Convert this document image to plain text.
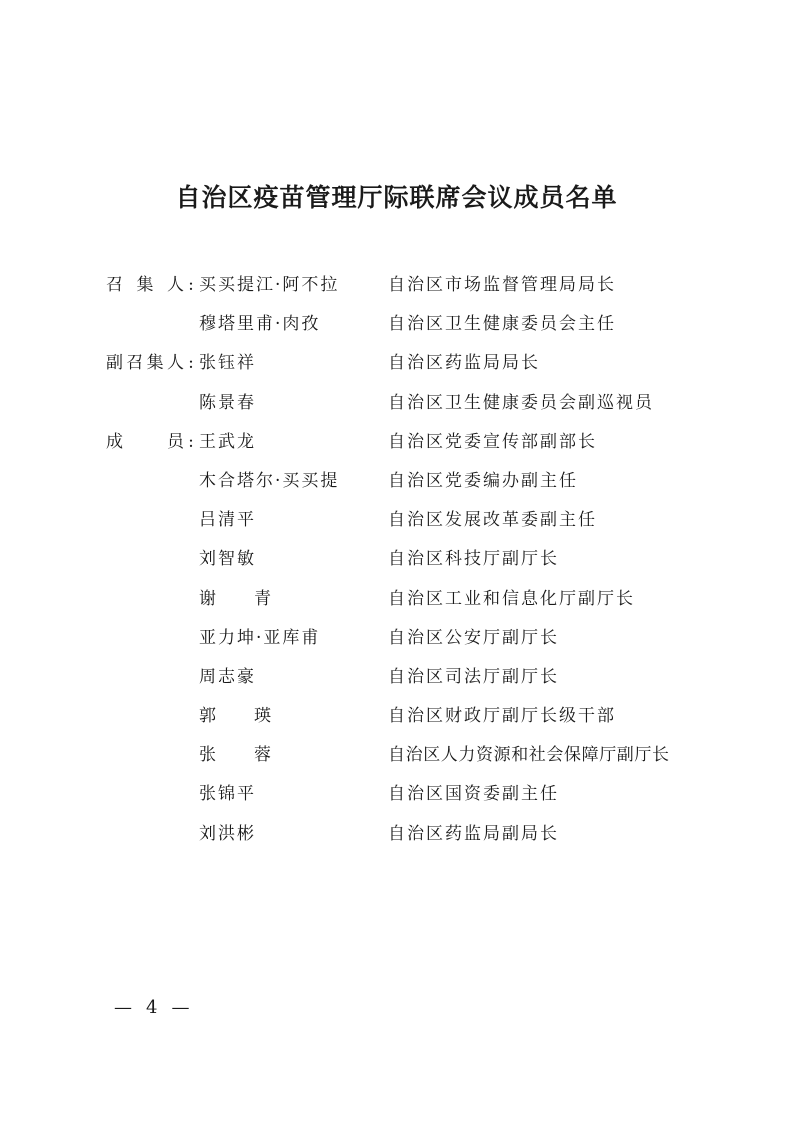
自治区疫苗管理厅际联席会议成员名单
召集人 : 买买提江·阿不拉	自治区市场监督管理局局长
穆塔里甫·肉孜	自治区卫生健康委员会主任
副召集人 : 张钰祥	自治区药监局局长
陈景春	自治区卫生健康委员会副巡视员
成员 : 王武龙	自治区党委宣传部副部长
木合塔尔·买买提	自治区党委编办副主任
吕清平	自治区发展改革委副主任
刘智敏	自治区科技厅副厅长
谢青	自治区工业和信息化厅副厅长
亚力坤·亚库甫	自治区公安厅副厅长
周志豪	自治区司法厅副厅长
郭瑛	自治区财政厅副厅长级干部
张蓉	自治区人力资源和社会保障厅副厅长
张锦平	自治区国资委副主任
刘洪彬	自治区药监局副局长
— 4 —
